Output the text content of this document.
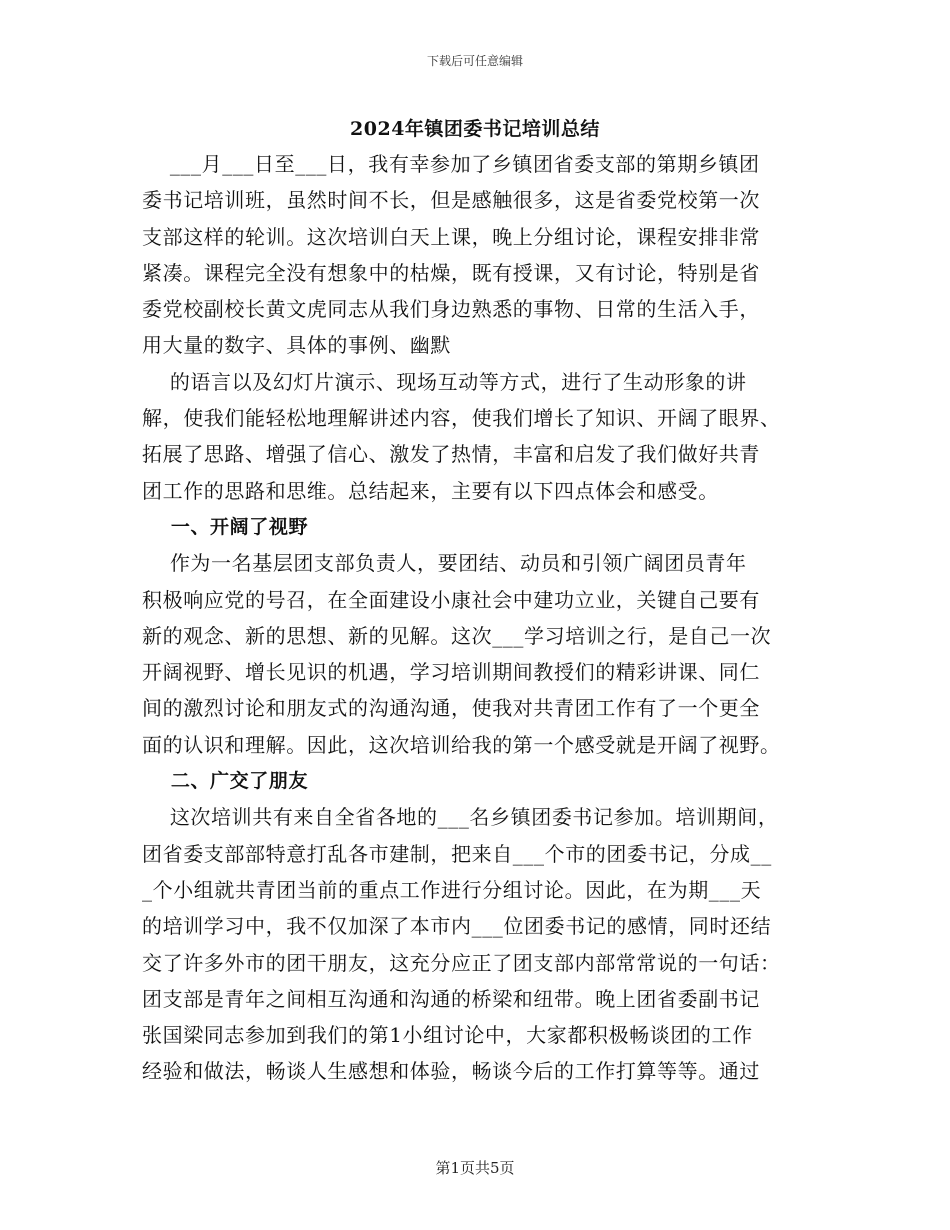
下载后可任意编辑
2024年镇团委书记培训总结
___月___日至___日，我有幸参加了乡镇团省委支部的第期乡镇团
委书记培训班，虽然时间不长，但是感触很多，这是省委党校第一次
支部这样的轮训。这次培训白天上课，晚上分组讨论，课程安排非常
紧凑。课程完全没有想象中的枯燥，既有授课，又有讨论，特别是省
委党校副校长黄文虎同志从我们身边熟悉的事物、日常的生活入手，
用大量的数字、具体的事例、幽默
的语言以及幻灯片演示、现场互动等方式，进行了生动形象的讲
解，使我们能轻松地理解讲述内容，使我们增长了知识、开阔了眼界、
拓展了思路、增强了信心、激发了热情，丰富和启发了我们做好共青
团工作的思路和思维。总结起来，主要有以下四点体会和感受。
一、开阔了视野
作为一名基层团支部负责人，要团结、动员和引领广阔团员青年
积极响应党的号召，在全面建设小康社会中建功立业，关键自己要有
新的观念、新的思想、新的见解。这次___学习培训之行，是自己一次
开阔视野、增长见识的机遇，学习培训期间教授们的精彩讲课、同仁
间的激烈讨论和朋友式的沟通沟通，使我对共青团工作有了一个更全
面的认识和理解。因此，这次培训给我的第一个感受就是开阔了视野。
二、广交了朋友
这次培训共有来自全省各地的___名乡镇团委书记参加。培训期间，
团省委支部部特意打乱各市建制，把来自___个市的团委书记，分成__
_个小组就共青团当前的重点工作进行分组讨论。因此，在为期___天
的培训学习中，我不仅加深了本市内___位团委书记的感情，同时还结
交了许多外市的团干朋友，这充分应正了团支部内部常常说的一句话：
团支部是青年之间相互沟通和沟通的桥梁和纽带。晚上团省委副书记
张国梁同志参加到我们的第1小组讨论中，大家都积极畅谈团的工作
经验和做法，畅谈人生感想和体验，畅谈今后的工作打算等等。通过
第1页共5页
